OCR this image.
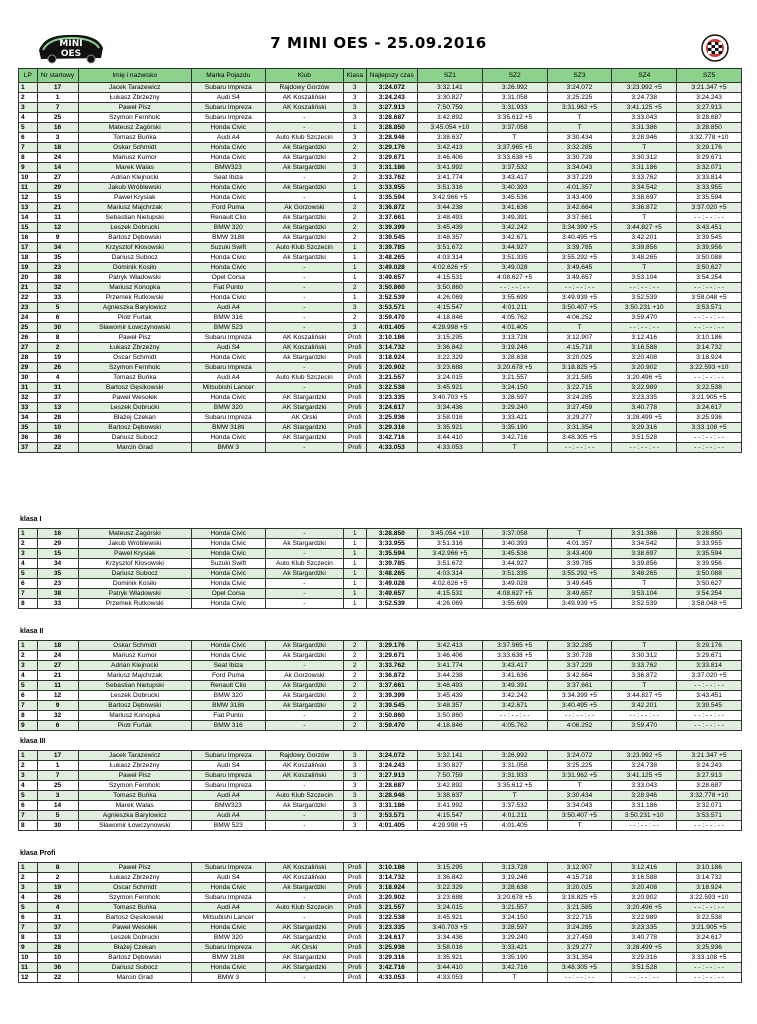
MINI
OES
7 MINI OES - 25.09.2016
LP	Nr startowy	Imię i nazwisko	Marka Pojazdu	Klub	Klasa	Najlepszy czas	SZ1	SZ2	SZ3	SZ4	SZ5
1	17	Jacek Tarazewicz	Subaru Impreza	Rajdowy Gorzów	3	3:24.072	3:32.141	3:26.992	3:24.072	3:23.992 +5	3:21.347 +5
2	1	Łukasz Zbrzeżny	Audi S4	AK Koszaliński	3	3:24.243	3:30.827	3:31.058	3:25.225	3:24.738	3:24.243
3	7	Paweł Pisz	Subaru Impreza	AK Koszaliński	3	3:27.913	7:50.759	3:31.933	3:31.962 +5	3:41.125 +5	3:27.913
4	25	Szymon Fernholc	Subaru Impreza	-	3	3:28.687	3:42.892	3:35.612 +5	T	3:33.043	3:28.687
5	16	Mateusz Zagórski	Honda Civic	-	1	3:28.850	3:45.054 +10	3:37.058	T	3:31.386	3:28.850
6	3	Tomasz Buńka	Audi A4	Auto Klub Szczecin	3	3:28.946	3:38.637	T	3:30.434	3:28.946	3:32.778 +10
7	18	Oskar Schmidt	Honda Civic	Ak Stargardzki	2	3:29.176	3:42.413	3:37.965 +5	3:32.285	T	3:29.176
8	24	Mariusz Kumor	Honda Civic	Ak Stargardzki	2	3:29.671	3:46.406	3:33.638 +5	3:30.728	3:30.312	3:29.671
9	14	Marek Walas	BMW323	Ak Stargardzki	3	3:31.186	3:41.992	3:37.532	3:34.043	3:31.186	3:32.071
10	27	Adrian Klejnocki	Seat Ibiza	-	2	3:33.762	3:41.774	3:43.417	3:37.229	3:33.762	3:33.814
11	29	Jakub Wróblewski	Honda Civic	Ak Stargardzki	1	3:33.955	3:51.316	3:40.393	4:01.357	3:34.542	3:33.955
12	15	Paweł Krysiak	Honda Civic	-	1	3:35.594	3:42.966 +5	3:45.536	3:43.409	3:38.697	3:35.594
13	21	Mariusz Majchrzak	Ford Puma	Ak Gorzowski	2	3:36.872	3:44.238	3:41.636	3:42.664	3:36.872	3:37.020 +5
14	11	Sebastian Nietupski	Renault Clio	Ak Stargardzki	2	3:37.661	3:48.493	3:49.391	3:37.661	T	- - : - - : - -
15	12	Leszek Dobrucki	BMW 320	Ak Stargardzki	2	3:39.399	3:45.439	3:42.242	3:34.399 +5	3:44.827 +5	3:43.451
16	9	Bartosz Dębowski	BMW 318ti	Ak Stargardzki	2	3:39.545	3:48.357	3:42.671	3:40.495 +5	3:42.201	3:39.545
17	34	Krzysztof Kłosowski	Suzuki Swift	Auto Klub Szczecin	1	3:39.785	3:51.672	3:44.927	3:39.785	3:39.856	3:39.956
18	35	Dariusz Subocz	Honda Civic	Ak Stargardzki	1	3:48.265	4:03.314	3:51.335	3:55.292 +5	3:48.265	3:50.088
19	23	Dominik Kosiło	Honda Civic	-	1	3:49.028	4:02.626 +5	3:49.028	3:49.645	T	3:50.627
20	38	Patryk Władowski	Opel Corsa	-	1	3:49.657	4:15.531	4:08.627 +5	3:49.657	3:53.104	3:54.254
21	32	Mariusz Konopka	Fiat Punto	-	2	3:50.860	3:50.860	- - : - - : - -	- - : - - : - -	- - : - - : - -	- - : - - : - -
22	33	Przemek Rutkowski	Honda Civic	-	1	3:52.539	4:26.069	3:55.699	3:49.939 +5	3:52.539	3:58.048 +5
23	5	Agnieszka Barylowicz	Audi A4	-	3	3:53.571	4:15.547	4:01.211	3:50.407 +5	3:50.231 +10	3:53.571
24	6	Piotr Furtak	BMW 316	-	2	3:59.470	4:18.846	4:05.762	4:06.252	3:59.470	- - : - - : - -
25	30	Sławomir Łowczynowski	BMW 523	-	3	4:01.405	4:29.998 +5	4:01.405	T	- - : - - : - -	- - : - - : - -
26	8	Paweł Pisz	Subaru Impreza	AK Koszaliński	Profi	3:10.186	3:15.295	3:13.728	3:12.907	3:12.416	3:10.186
27	2	Łukasz Zbrzeżny	Audi S4	AK Koszaliński	Profi	3:14.732	3:36.842	3:19.246	4:15.718	3:16.588	3:14.732
28	19	Oscar Schmidt	Honda Civic	Ak Stargardzki	Profi	3:18.924	3:22.329	3:28.638	3:20.025	3:20.408	3:18.924
29	26	Szymon Fernholc	Subaru Impreza	-	Profi	3:20.902	3:23.688	3:20.678 +5	3:18.825 +5	3:20.902	3:22.593 +10
30	4	Tomasz Buńka	Audi A4	Auto Klub Szczecin	Profi	3:21.557	3:24.015	3:21.557	3:21.585	3:20.496 +5	- - : - - : - -
31	31	Bartosz Gęsikowski	Mitsubishi Lancer	-	Profi	3:22.538	3:45.921	3:24.150	3:22.715	3:22.989	3:22.538
32	37	Paweł Wesołek	Honda Civic	AK Stargardzki	Profi	3:23.335	3:40.703 +5	3:28.597	3:24.285	3:23.335	3:21.905 +5
33	13	Leszek Dobrucki	BMW 320	AK Stargardzki	Profi	3:24.617	3:34.436	3:29.240	3:27.459	3:40.778	3:24.617
34	28	Błażej Czekan	Subaru Impreza	AK Orski	Profi	3:25.936	3:58.016	3:33.421	3:29.277	3:28.499 +5	3:25.936
35	10	Bartosz Dębowski	BMW 318ti	AK Stargardzki	Profi	3:29.316	3:35.921	3:35.190	3:31.354	3:29.316	3:33.108 +5
36	36	Dariusz Subocz	Honda Civic	AK Stargardzki	Profi	3:42.716	3:44.410	3:42.716	3:48.305 +5	3:51.528	- - : - - : - -
37	22	Marcin Grad	BMW 3	-	Profi	4:33.053	4:33.053	T	- - : - - : - -	- - : - - : - -	- - : - - : - -
klasa I
1	16	Mateusz Zagórski	Honda Civic	-	1	3:28.850	3:45.054 +10	3:37.058	T	3:31.386	3:28.850
2	29	Jakub Wróblewski	Honda Civic	Ak Stargardzki	1	3:33.955	3:51.316	3:40.393	4:01.357	3:34.542	3:33.955
3	15	Paweł Krysiak	Honda Civic	-	1	3:35.594	3:42.966 +5	3:45.536	3:43.409	3:38.697	3:35.594
4	34	Krzysztof Kłosowski	Suzuki Swift	Auto Klub Szczecin	1	3:39.785	3:51.672	3:44.927	3:39.785	3:39.856	3:39.956
5	35	Dariusz Subocz	Honda Civic	Ak Stargardzki	1	3:48.265	4:03.314	3:51.335	3:55.292 +5	3:48.265	3:50.088
6	23	Dominik Kosiło	Honda Civic	-	1	3:49.028	4:02.626 +5	3:49.028	3:49.645	T	3:50.627
7	38	Patryk Władowski	Opel Corsa	-	1	3:49.657	4:15.531	4:08.627 +5	3:49.657	3:53.104	3:54.254
8	33	Przemek Rutkowski	Honda Civic	-	1	3:52.539	4:26.069	3:55.699	3:49.939 +5	3:52.539	3:58.048 +5
klasa II
1	18	Oskar Schmidt	Honda Civic	Ak Stargardzki	2	3:29.176	3:42.413	3:37.965 +5	3:32.285	T	3:29.176
2	24	Mariusz Kumor	Honda Civic	Ak Stargardzki	2	3:29.671	3:46.406	3:33.638 +5	3:30.728	3:30.312	3:29.671
3	27	Adrian Klejnocki	Seat Ibiza	-	2	3:33.762	3:41.774	3:43.417	3:37.229	3:33.762	3:33.814
4	21	Mariusz Majchrzak	Ford Puma	Ak Gorzowski	2	3:36.872	3:44.238	3:41.636	3:42.664	3:36.872	3:37.020 +5
5	11	Sebastian Nietupski	Renault Clio	Ak Stargardzki	2	3:37.661	3:48.493	3:49.391	3:37.661	T	- - : - - : - -
6	12	Leszek Dobrucki	BMW 320	Ak Stargardzki	2	3:39.399	3:45.439	3:42.242	3:34.399 +5	3:44.827 +5	3:43.451
7	9	Bartosz Dębowski	BMW 318ti	Ak Stargardzki	2	3:39.545	3:48.357	3:42.671	3:40.495 +5	3:42.201	3:39.545
8	32	Mariusz Konopka	Fiat Punto	-	2	3:50.860	3:50.860	- - : - - : - -	- - : - - : - -	- - : - - : - -	- - : - - : - -
9	6	Piotr Furtak	BMW 316	-	2	3:59.470	4:18.846	4:05.762	4:06.252	3:59.470	- - : - - : - -
klasa III
1	17	Jacek Tarazewicz	Subaru Impreza	Rajdowy Gorzów	3	3:24.072	3:32.141	3:26.992	3:24.072	3:23.992 +5	3:21.347 +5
2	1	Łukasz Zbrzeżny	Audi S4	AK Koszaliński	3	3:24.243	3:30.827	3:31.058	3:25.225	3:24.738	3:24.243
3	7	Paweł Pisz	Subaru Impreza	AK Koszaliński	3	3:27.913	7:50.759	3:31.933	3:31.962 +5	3:41.125 +5	3:27.913
4	25	Szymon Fernholc	Subaru Impreza	-	3	3:28.687	3:42.892	3:35.612 +5	T	3:33.043	3:28.687
5	3	Tomasz Buńka	Audi A4	Auto Klub Szczecin	3	3:28.946	3:38.637	T	3:30.434	3:28.946	3:32.778 +10
6	14	Marek Walas	BMW323	Ak Stargardzki	3	3:31.186	3:41.992	3:37.532	3:34.043	3:31.186	3:32.071
7	5	Agnieszka Barylowicz	Audi A4	-	3	3:53.571	4:15.547	4:01.211	3:50.407 +5	3:50.231 +10	3:53.571
8	30	Sławomir Łowczynowski	BMW 523	-	3	4:01.405	4:29.998 +5	4:01.405	T	- - : - - : - -	- - : - - : - -
klasa Profi
1	8	Paweł Pisz	Subaru Impreza	AK Koszaliński	Profi	3:10.186	3:15.295	3:13.728	3:12.907	3:12.416	3:10.186
2	2	Łukasz Zbrzeżny	Audi S4	AK Koszaliński	Profi	3:14.732	3:36.842	3:19.246	4:15.718	3:16.588	3:14.732
3	19	Oscar Schmidt	Honda Civic	Ak Stargardzki	Profi	3:18.924	3:22.329	3:28.638	3:20.025	3:20.408	3:18.924
4	26	Szymon Fernholc	Subaru Impreza	-	Profi	3:20.902	3:23.688	3:20.678 +5	3:18.825 +5	3:20.902	3:22.593 +10
5	4	Tomasz Buńka	Audi A4	Auto Klub Szczecin	Profi	3:21.557	3:24.015	3:21.557	3:21.585	3:20.496 +5	- - : - - : - -
6	31	Bartosz Gęsikowski	Mitsubishi Lancer	-	Profi	3:22.538	3:45.921	3:24.150	3:22.715	3:22.989	3:22.538
7	37	Paweł Wesołek	Honda Civic	AK Stargardzki	Profi	3:23.335	3:40.703 +5	3:28.597	3:24.285	3:23.335	3:21.905 +5
8	13	Leszek Dobrucki	BMW 320	AK Stargardzki	Profi	3:24.617	3:34.436	3:29.240	3:27.459	3:40.778	3:24.617
9	28	Błażej Czekan	Subaru Impreza	AK Orski	Profi	3:25.936	3:58.016	3:33.421	3:29.277	3:28.499 +5	3:25.936
10	10	Bartosz Dębowski	BMW 318ti	AK Stargardzki	Profi	3:29.316	3:35.921	3:35.190	3:31.354	3:29.316	3:33.108 +5
11	36	Dariusz Subocz	Honda Civic	AK Stargardzki	Profi	3:42.716	3:44.410	3:42.716	3:48.305 +5	3:51.528	- - : - - : - -
12	22	Marcin Grad	BMW 3	-	Profi	4:33.053	4:33.053	T	- - : - - : - -	- - : - - : - -	- - : - - : - -
